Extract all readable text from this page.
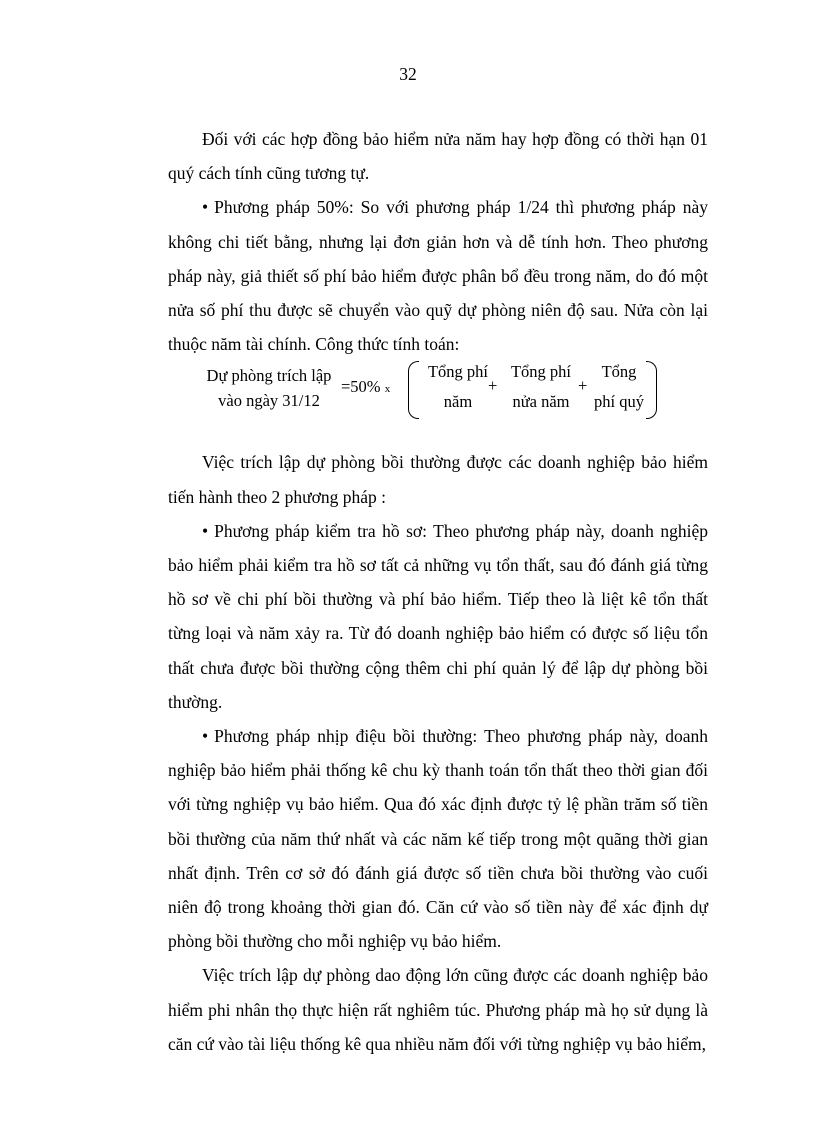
32

Đối với các hợp đồng bảo hiểm nửa năm hay hợp đồng có thời hạn 01 quý cách tính cũng tương tự.

• Phương pháp 50%: So với phương pháp 1/24 thì phương pháp này không chi tiết bằng, nhưng lại đơn giản hơn và dễ tính hơn. Theo phương pháp này, giả thiết số phí bảo hiểm được phân bổ đều trong năm, do đó một nửa số phí thu được sẽ chuyển vào quỹ dự phòng niên độ sau. Nửa còn lại thuộc năm tài chính. Công thức tính toán:

Dự phòng trích lập
vào ngày 31/12
=50% x
Tổng phí
năm
+
Tổng phí
nửa năm
+
Tổng
phí quý

Việc trích lập dự phòng bồi thường được các doanh nghiệp bảo hiểm tiến hành theo 2 phương pháp :

• Phương pháp kiểm tra hồ sơ: Theo phương pháp này, doanh nghiệp bảo hiểm phải kiểm tra hồ sơ tất cả những vụ tổn thất, sau đó đánh giá từng hồ sơ về chi phí bồi thường và phí bảo hiểm. Tiếp theo là liệt kê tổn thất từng loại và năm xảy ra. Từ đó doanh nghiệp bảo hiểm có được số liệu tổn thất chưa được bồi thường cộng thêm chi phí quản lý để lập dự phòng bồi thường.

• Phương pháp nhịp điệu bồi thường: Theo phương pháp này, doanh nghiệp bảo hiểm phải thống kê chu kỳ thanh toán tổn thất theo thời gian đối với từng nghiệp vụ bảo hiểm. Qua đó xác định được tỷ lệ phần trăm số tiền bồi thường của năm thứ nhất và các năm kế tiếp trong một quãng thời gian nhất định. Trên cơ sở đó đánh giá được số tiền chưa bồi thường vào cuối niên độ trong khoảng thời gian đó. Căn cứ vào số tiền này để xác định dự phòng bồi thường cho mỗi nghiệp vụ bảo hiểm.

Việc trích lập dự phòng dao động lớn cũng được các doanh nghiệp bảo hiểm phi nhân thọ thực hiện rất nghiêm túc. Phương pháp mà họ sử dụng là căn cứ vào tài liệu thống kê qua nhiều năm đối với từng nghiệp vụ bảo hiểm,
